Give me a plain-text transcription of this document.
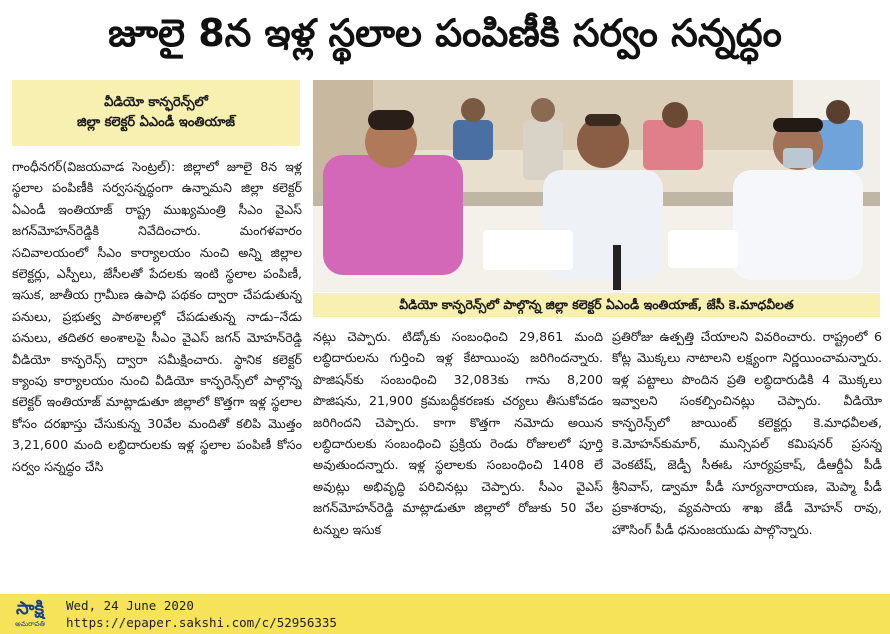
జూలై 8న ఇళ్ల స్థలాల పంపిణీకి సర్వం సన్నద్ధం
వీడియో కాన్ఫరెన్స్‌లో
జిల్లా కలెక్టర్ ఏఎండీ ఇంతియాజ్

గాంధీనగర్(విజయవాడ సెంట్రల్): జిల్లాలో జూలై 8న ఇళ్ల స్థలాల పంపిణీకి సర్వసన్నద్ధంగా ఉన్నామని జిల్లా కలెక్టర్ ఏఎండీ ఇంతియాజ్ రాష్ట్ర ముఖ్యమంత్రి సీఎం వైఎస్ జగన్‌మోహన్‌రెడ్డికి నివేదించారు. మంగళవారం సచివాలయంలో సీఎం కార్యాలయం నుంచి అన్ని జిల్లాల కలెక్టర్లు, ఎస్పీలు, జేసీలతో పేదలకు ఇంటి స్థలాల పంపిణీ, ఇసుక, జాతీయ గ్రామీణ ఉపాధి పథకం ద్వారా చేపడుతున్న పనులు, ప్రభుత్వ పాఠశాలల్లో చేపడుతున్న నాడు–నేడు పనులు, తదితర అంశాలపై సీఎం వైఎస్ జగన్ మోహన్‌రెడ్డి వీడియో కాన్ఫరెన్స్ ద్వారా సమీక్షించారు. స్థానిక కలెక్టర్ క్యాంపు కార్యాలయం నుంచి వీడియో కాన్ఫరెన్స్‌లో పాల్గొన్న కలెక్టర్ ఇంతియాజ్ మాట్లాడుతూ జిల్లాలో కొత్తగా ఇళ్ల స్థలాల కోసం దరఖాస్తు చేసుకున్న 30వేల మందితో కలిపి మొత్తం 3,21,600 మంది లబ్ధిదారులకు ఇళ్ల స్థలాల పంపిణీ కోసం సర్వం సన్నద్ధం చేసి

వీడియో కాన్ఫరెన్స్‌లో పాల్గొన్న జిల్లా కలెక్టర్ ఏఎండీ ఇంతియాజ్, జేసీ కె.మాధవీలత

నట్లు చెప్పారు. టిడ్కోకు సంబంధించి 29,861 మంది లబ్ధిదారులను గుర్తించి ఇళ్ల కేటాయింపు జరిగిందన్నారు. పొజిషన్‌కు సంబంధించి 32,083కు గాను 8,200 పొజిషను, 21,900 క్రమబద్ధీకరణకు చర్యలు తీసుకోవడం జరిగిందని చెప్పారు. కాగా కొత్తగా నమోదు అయిన లబ్ధిదారులకు సంబంధించి ప్రక్రియ రెండు రోజులలో పూర్తి అవుతుందన్నారు. ఇళ్ల స్థలాలకు సంబంధించి 1408 లే అవుట్లు అభివృద్ధి పరిచినట్లు చెప్పారు. సీఎం వైఎస్ జగన్‌మోహన్‌రెడ్డి మాట్లాడుతూ జిల్లాలో రోజుకు 50 వేల టన్నుల ఇసుక

ప్రతిరోజు ఉత్పత్తి చేయాలని వివరించారు. రాష్ట్రంలో 6 కోట్ల మొక్కలు నాటాలని లక్ష్యంగా నిర్ణయించామన్నారు. ఇళ్ల పట్టాలు పొందిన ప్రతి లబ్ధిదారుడికి 4 మొక్కలు ఇవ్వాలని సంకల్పించినట్లు చెప్పారు. వీడియో కాన్ఫరెన్స్‌లో జాయింట్ కలెక్టర్లు కె.మాధవీలత, కె.మోహన్‌కుమార్, మున్సిపల్ కమిషనర్ ప్రసన్న వెంకటేష్, జెడ్పీ సీఈఓ సూర్యప్రకాష్, డీఆర్డీఏ పీడీ శ్రీనివాస్, డ్వామా పీడీ సూర్యనారాయణ, మెప్మా పీడీ ప్రకాశరావు, వ్యవసాయ శాఖ జేడీ మోహన్ రావు, హౌసింగ్ పీడీ ధనుంజయుడు పాల్గొన్నారు.

సాక్షి
అమరావతి
Wed, 24 June 2020
https://epaper.sakshi.com/c/52956335
